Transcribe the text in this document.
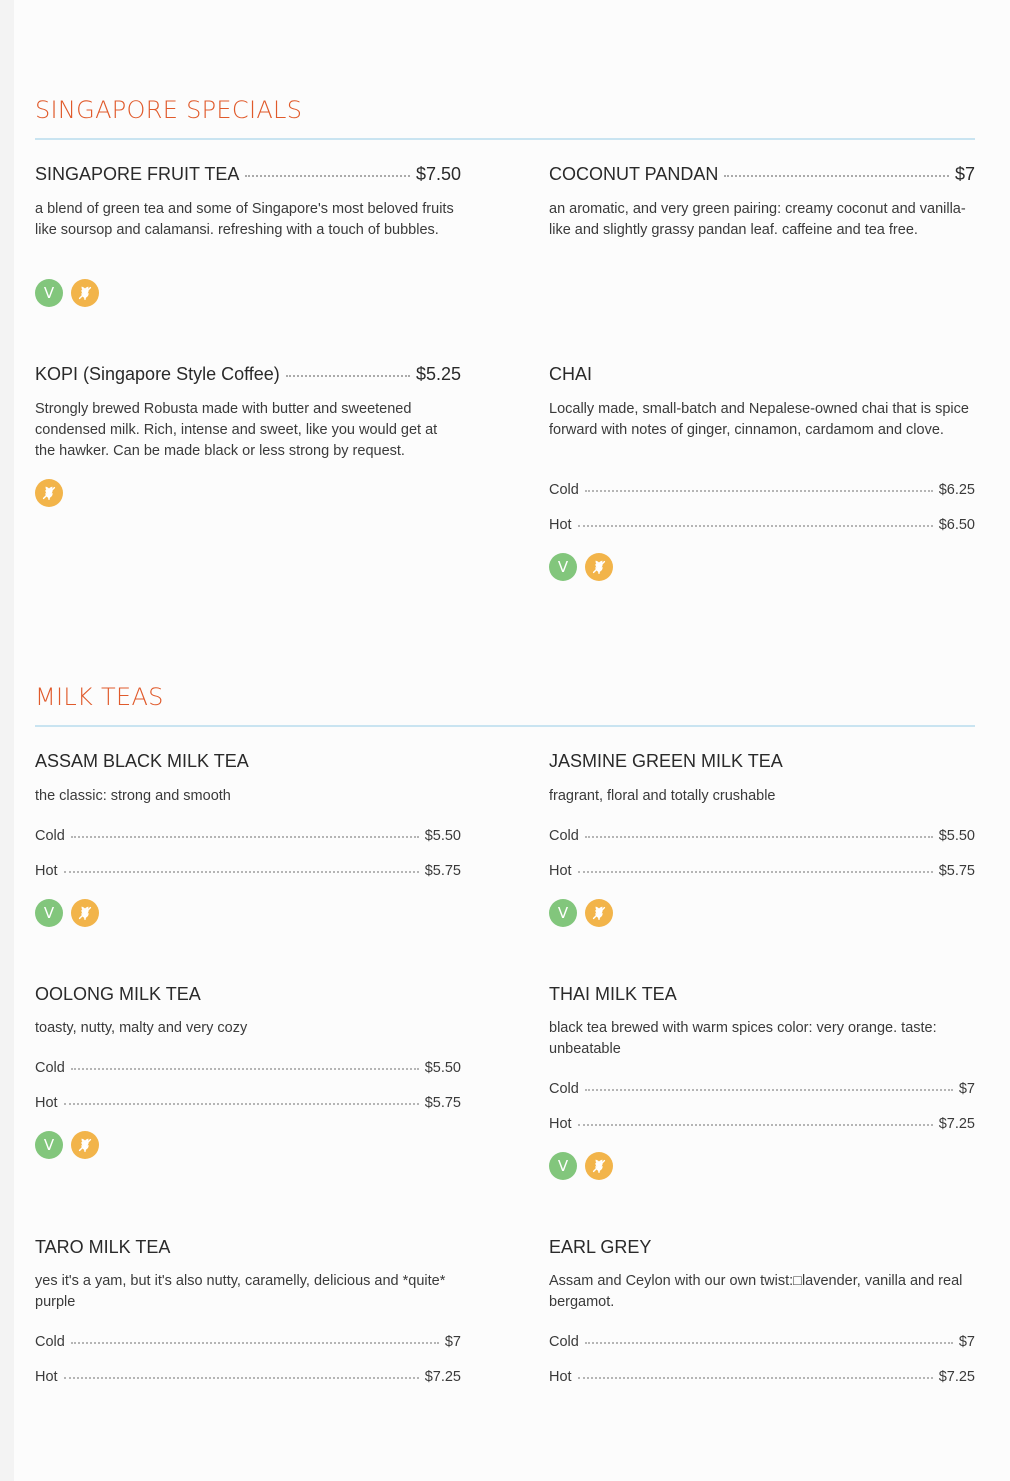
SINGAPORE SPECIALS
SINGAPORE FRUIT TEA	$7.50

a blend of green tea and some of Singapore's most beloved fruits like soursop and calamansi. refreshing with a touch of bubbles.

V
COCONUT PANDAN	$7

an aromatic, and very green pairing: creamy coconut and vanilla-like and slightly grassy pandan leaf. caffeine and tea free.

KOPI (Singapore Style Coffee)	$5.25

Strongly brewed Robusta made with butter and sweetened condensed milk. Rich, intense and sweet, like you would get at the hawker. Can be made black or less strong by request.

CHAI

Locally made, small-batch and Nepalese-owned chai that is spice forward with notes of ginger, cinnamon, cardamom and clove.

Cold	$6.25
Hot	$6.50
V
MILK TEAS
ASSAM BLACK MILK TEA

the classic: strong and smooth

Cold	$5.50
Hot	$5.75
V
JASMINE GREEN MILK TEA

fragrant, floral and totally crushable

Cold	$5.50
Hot	$5.75
V
OOLONG MILK TEA

toasty, nutty, malty and very cozy

Cold	$5.50
Hot	$5.75
V
THAI MILK TEA

black tea brewed with warm spices color: very orange. taste: unbeatable

Cold	$7
Hot	$7.25
V
TARO MILK TEA

yes it's a yam, but it's also nutty, caramelly, delicious and *quite* purple

Cold	$7
Hot	$7.25
EARL GREY

Assam and Ceylon with our own twist:□lavender, vanilla and real bergamot.

Cold	$7
Hot	$7.25
